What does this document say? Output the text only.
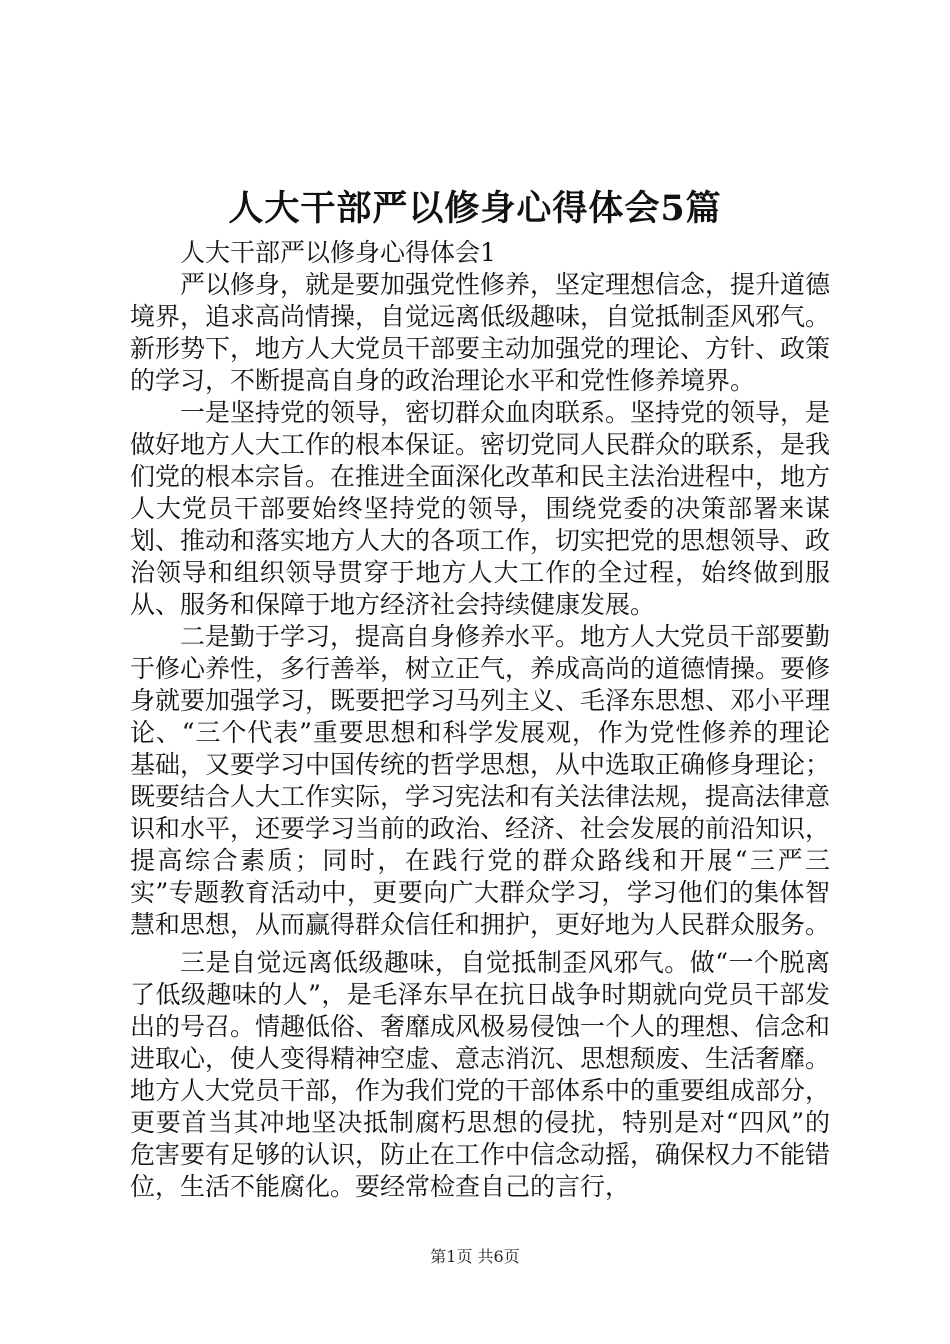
人大干部严以修身心得体会5篇

人大干部严以修身心得体会1

严以修身，就是要加强党性修养，坚定理想信念，提升道德境界，追求高尚情操，自觉远离低级趣味，自觉抵制歪风邪气。新形势下，地方人大党员干部要主动加强党的理论、方针、政策的学习，不断提高自身的政治理论水平和党性修养境界。

一是坚持党的领导，密切群众血肉联系。坚持党的领导，是做好地方人大工作的根本保证。密切党同人民群众的联系，是我们党的根本宗旨。在推进全面深化改革和民主法治进程中，地方人大党员干部要始终坚持党的领导，围绕党委的决策部署来谋划、推动和落实地方人大的各项工作，切实把党的思想领导、政治领导和组织领导贯穿于地方人大工作的全过程，始终做到服从、服务和保障于地方经济社会持续健康发展。

二是勤于学习，提高自身修养水平。地方人大党员干部要勤于修心养性，多行善举，树立正气，养成高尚的道德情操。要修身就要加强学习，既要把学习马列主义、毛泽东思想、邓小平理论、“三个代表”重要思想和科学发展观，作为党性修养的理论基础，又要学习中国传统的哲学思想，从中选取正确修身理论；既要结合人大工作实际，学习宪法和有关法律法规，提高法律意识和水平，还要学习当前的政治、经济、社会发展的前沿知识，提高综合素质；同时，在践行党的群众路线和开展“三严三实”专题教育活动中，更要向广大群众学习，学习他们的集体智慧和思想，从而赢得群众信任和拥护，更好地为人民群众服务。

三是自觉远离低级趣味，自觉抵制歪风邪气。做“一个脱离了低级趣味的人”，是毛泽东早在抗日战争时期就向党员干部发出的号召。情趣低俗、奢靡成风极易侵蚀一个人的理想、信念和进取心，使人变得精神空虚、意志消沉、思想颓废、生活奢靡。地方人大党员干部，作为我们党的干部体系中的重要组成部分，更要首当其冲地坚决抵制腐朽思想的侵扰，特别是对“四风”的危害要有足够的认识，防止在工作中信念动摇，确保权力不能错位，生活不能腐化。要经常检查自己的言行，

第1页 共6页
